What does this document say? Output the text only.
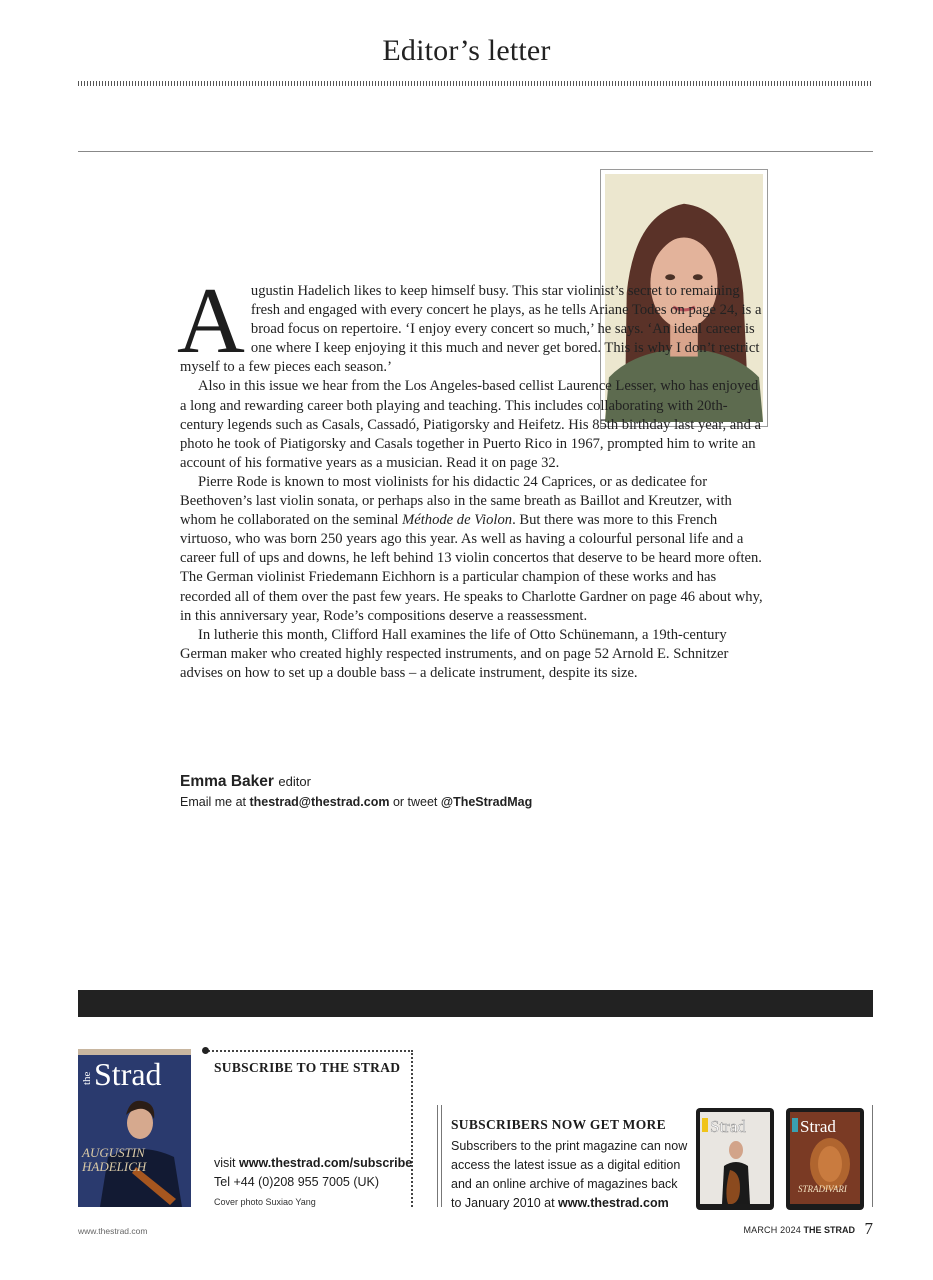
Editor’s letter

Augustin Hadelich likes to keep himself busy. This star violinist’s secret to remaining fresh and engaged with every concert he plays, as he tells Ariane Todes on page 24, is a broad focus on repertoire. ‘I enjoy every concert so much,’ he says. ‘An ideal career is one where I keep enjoying it this much and never get bored. This is why I don’t restrict myself to a few pieces each season.’

Also in this issue we hear from the Los Angeles-based cellist Laurence Lesser, who has enjoyed a long and rewarding career both playing and teaching. This includes collaborating with 20th-century legends such as Casals, Cassadó, Piatigorsky and Heifetz. His 85th birthday last year, and a photo he took of Piatigorsky and Casals together in Puerto Rico in 1967, prompted him to write an account of his formative years as a musician. Read it on page 32.

Pierre Rode is known to most violinists for his didactic 24 Caprices, or as dedicatee for Beethoven’s last violin sonata, or perhaps also in the same breath as Baillot and Kreutzer, with whom he collaborated on the seminal Méthode de Violon. But there was more to this French virtuoso, who was born 250 years ago this year. As well as having a colourful personal life and a career full of ups and downs, he left behind 13 violin concertos that deserve to be heard more often. The German violinist Friedemann Eichhorn is a particular champion of these works and has recorded all of them over the past few years. He speaks to Charlotte Gardner on page 46 about why, in this anniversary year, Rode’s compositions deserve a reassessment.

In lutherie this month, Clifford Hall examines the life of Otto Schünemann, a 19th-century German maker who created highly respected instruments, and on page 52 Arnold E. Schnitzer advises on how to set up a double bass – a delicate instrument, despite its size.

Emma Baker editor
Email me at thestrad@thestrad.com or tweet @TheStradMag
the Strad
AUGUSTIN
HADELICH
SUBSCRIBE TO THE STRAD
visit www.thestrad.com/subscribe
Tel +44 (0)208 955 7005 (UK)
Cover photo Suxiao Yang
SUBSCRIBERS NOW GET MORE
Subscribers to the print magazine can now
access the latest issue as a digital edition
and an online archive of magazines back
to January 2010 at www.thestrad.com
Strad	Strad
STRADIVARI
www.thestrad.com	MARCH 2024 THE STRAD 7
